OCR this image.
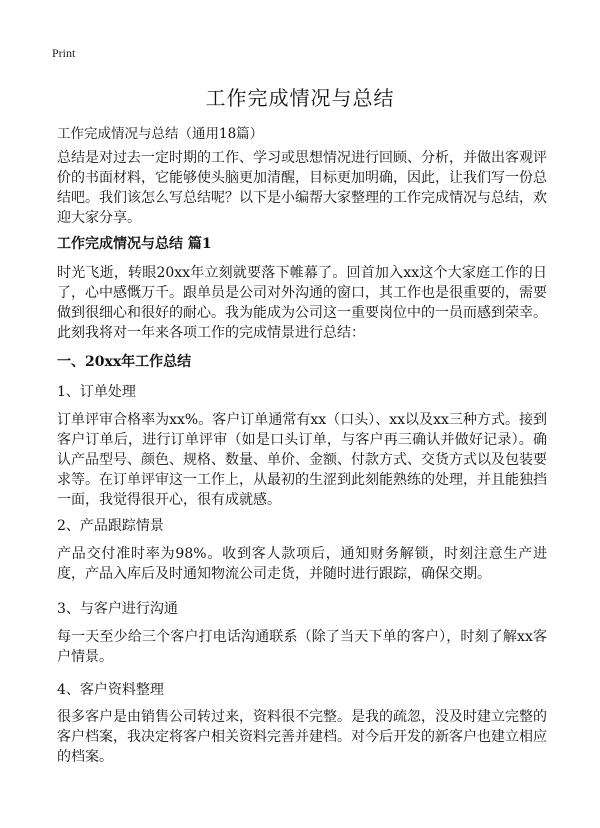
Print
工作完成情况与总结
工作完成情况与总结（通用18篇）
总结是对过去一定时期的工作、学习或思想情况进行回顾、分析，并做出客观评价的书面材料，它能够使头脑更加清醒，目标更加明确，因此，让我们写一份总结吧。我们该怎么写总结呢？以下是小编帮大家整理的工作完成情况与总结，欢迎大家分享。
工作完成情况与总结 篇1
时光飞逝，转眼20xx年立刻就要落下帷幕了。回首加入xx这个大家庭工作的日了，心中感慨万千。跟单员是公司对外沟通的窗口，其工作也是很重要的，需要做到很细心和很好的耐心。我为能成为公司这一重要岗位中的一员而感到荣幸。此刻我将对一年来各项工作的完成情景进行总结：
一、20xx年工作总结
1、订单处理
订单评审合格率为xx%。客户订单通常有xx（口头）、xx以及xx三种方式。接到客户订单后，进行订单评审（如是口头订单，与客户再三确认并做好记录）。确认产品型号、颜色、规格、数量、单价、金额、付款方式、交货方式以及包装要求等。在订单评审这一工作上，从最初的生涩到此刻能熟练的处理，并且能独挡一面，我觉得很开心，很有成就感。
2、产品跟踪情景
产品交付准时率为98%。收到客人款项后，通知财务解锁，时刻注意生产进度，产品入库后及时通知物流公司走货，并随时进行跟踪，确保交期。
3、与客户进行沟通
每一天至少给三个客户打电话沟通联系（除了当天下单的客户），时刻了解xx客户情景。
4、客户资料整理
很多客户是由销售公司转过来，资料很不完整。是我的疏忽，没及时建立完整的客户档案，我决定将客户相关资料完善并建档。对今后开发的新客户也建立相应的档案。
